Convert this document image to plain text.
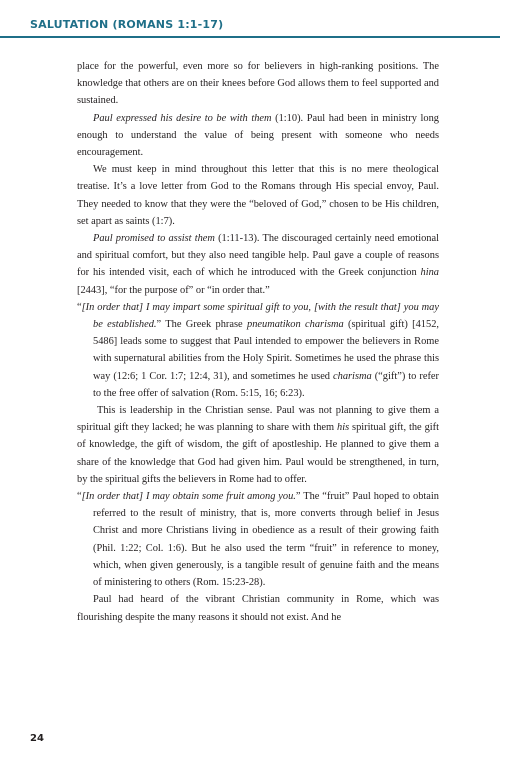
SALUTATION (ROMANS 1:1-17)

place for the powerful, even more so for believers in high-ranking positions. The knowledge that others are on their knees before God allows them to feel supported and sustained.

Paul expressed his desire to be with them (1:10). Paul had been in ministry long enough to understand the value of being present with someone who needs encouragement.

We must keep in mind throughout this letter that this is no mere theological treatise. It’s a love letter from God to the Romans through His special envoy, Paul. They needed to know that they were the “beloved of God,” chosen to be His children, set apart as saints (1:7).

Paul promised to assist them (1:11-13). The discouraged certainly need emotional and spiritual comfort, but they also need tangible help. Paul gave a couple of reasons for his intended visit, each of which he introduced with the Greek conjunction hina [2443], “for the purpose of” or “in order that.”

“[In order that] I may impart some spiritual gift to you, [with the result that] you may be established.” The Greek phrase pneumatikon charisma (spiritual gift) [4152, 5486] leads some to suggest that Paul intended to empower the believers in Rome with supernatural abilities from the Holy Spirit. Sometimes he used the phrase this way (12:6; 1 Cor. 1:7; 12:4, 31), and sometimes he used charisma (“gift”) to refer to the free offer of salvation (Rom. 5:15, 16; 6:23).

This is leadership in the Christian sense. Paul was not planning to give them a spiritual gift they lacked; he was planning to share with them his spiritual gift, the gift of knowledge, the gift of wisdom, the gift of apostleship. He planned to give them a share of the knowledge that God had given him. Paul would be strengthened, in turn, by the spiritual gifts the believers in Rome had to offer.

“[In order that] I may obtain some fruit among you.” The “fruit” Paul hoped to obtain referred to the result of ministry, that is, more converts through belief in Jesus Christ and more Christians living in obedience as a result of their growing faith (Phil. 1:22; Col. 1:6). But he also used the term “fruit” in reference to money, which, when given generously, is a tangible result of genuine faith and the means of ministering to others (Rom. 15:23-28).

Paul had heard of the vibrant Christian community in Rome, which was flourishing despite the many reasons it should not exist. And he

24
